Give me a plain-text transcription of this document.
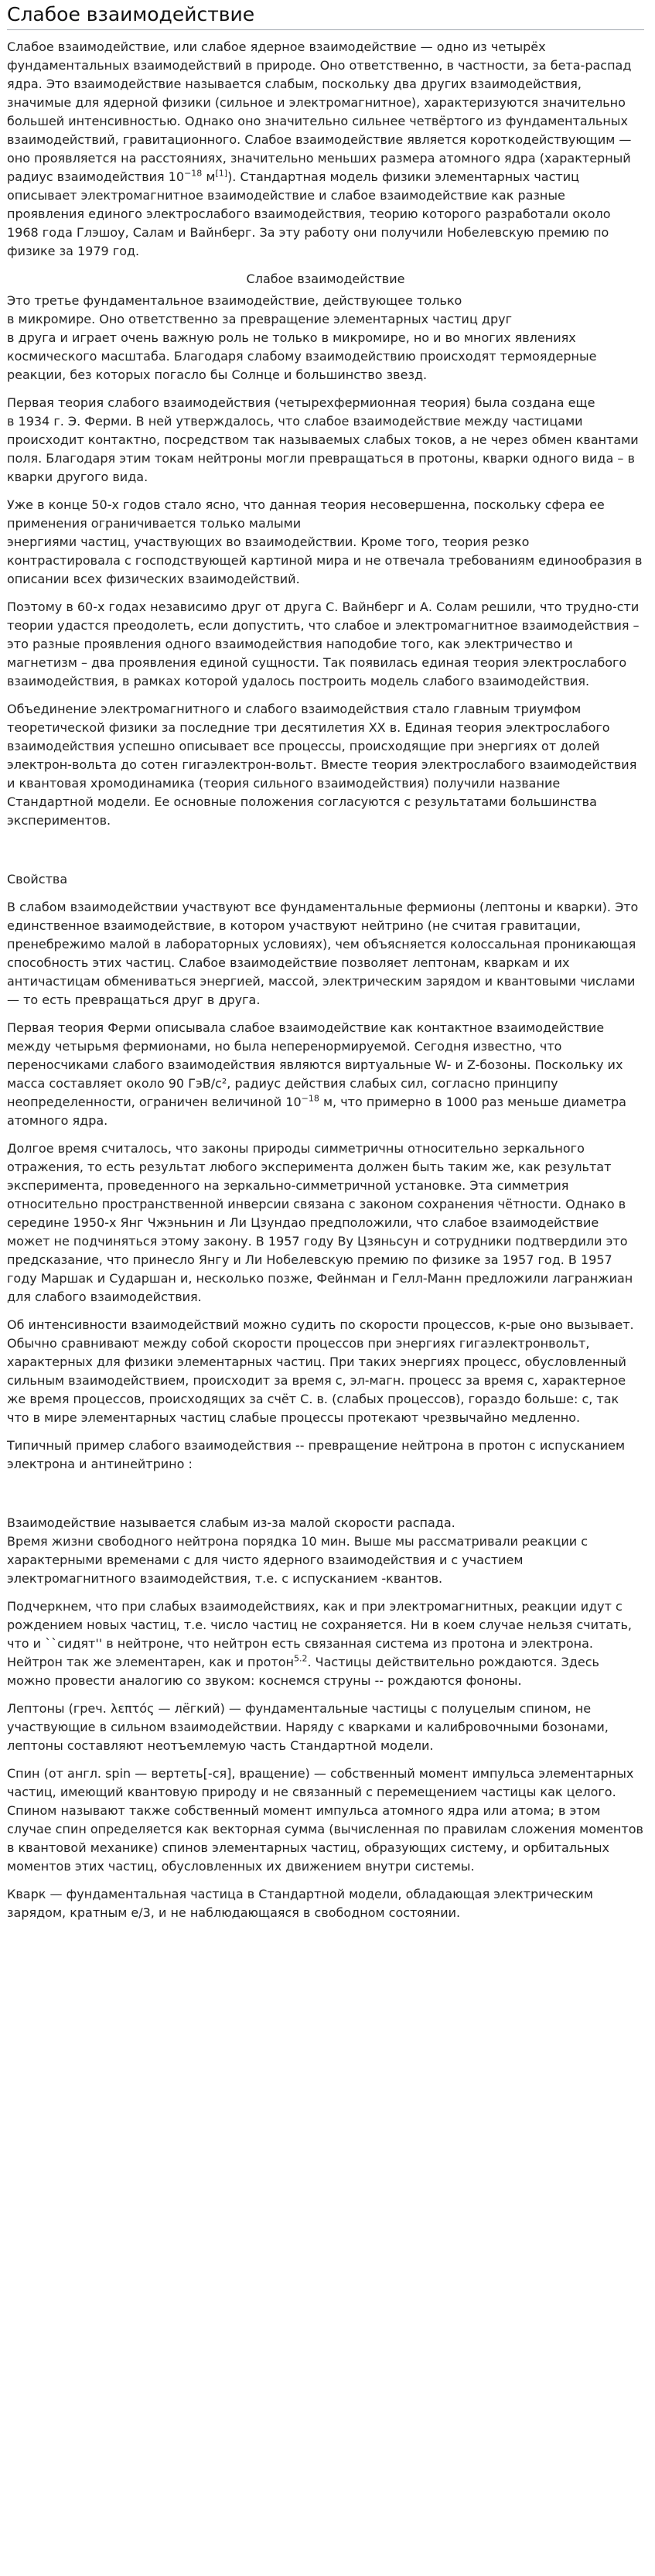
Слабое взаимодействие

Слабое взаимодействие, или слабое ядерное взаимодействие — одно из четырёх фундаментальных взаимодействий в природе. Оно ответственно, в частности, за бета-распад ядра. Это взаимодействие называется слабым, поскольку два других взаимодействия, значимые для ядерной физики (сильное и электромагнитное), характеризуются значительно большей интенсивностью. Однако оно значительно сильнее четвёртого из фундаментальных взаимодействий, гравитационного. Слабое взаимодействие является короткодействующим — оно проявляется на расстояниях, значительно меньших размера атомного ядра (характерный радиус взаимодействия $10^{-18}$ м[1]). Стандартная модель физики элементарных частиц описывает электромагнитное взаимодействие и слабое взаимодействие как разные проявления единого электрослабого взаимодействия, теорию которого разработали около 1968 года Глэшоу, Салам и Вайнберг. За эту работу они получили Нобелевскую премию по физике за 1979 год.

Слабое взаимодействие

Это третье фундаментальное взаимодействие, действующее только
в микромире. Оно ответственно за превращение элементарных частиц друг
в друга и играет очень важную роль не только в микромире, но и во многих явлениях космического масштаба. Благодаря слабому взаимодействию происходят термоядерные реакции, без которых погасло бы Солнце и большинство звезд.

Первая теория слабого взаимодействия (четырехфермионная теория) была создана еще
в 1934 г. Э. Ферми. В ней утверждалось, что слабое взаимодействие между частицами происходит контактно, посредством так называемых слабых токов, а не через обмен квантами поля. Благодаря этим токам нейтроны могли превращаться в протоны, кварки одного вида – в кварки другого вида.

Уже в конце 50-х годов стало ясно, что данная теория несовершенна, поскольку сфера ее применения ограничивается только малыми
энергиями частиц, участвующих во взаимодействии. Кроме того, теория резко контрастировала с господствующей картиной мира и не отвечала требованиям единообразия в описании всех физических взаимодействий.

Поэтому в 60-х годах независимо друг от друга С. Вайнберг и А. Солам решили, что трудно-сти теории удастся преодолеть, если допустить, что слабое и электромагнитное взаимодействия – это разные проявления одного взаимодействия наподобие того, как электричество и магнетизм – два проявления единой сущности. Так появилась единая теория электрослабого взаимодействия, в рамках которой удалось построить модель слабого взаимодействия.

Объединение электромагнитного и слабого взаимодействия стало главным триумфом теоретической физики за последние три десятилетия XX в. Единая теория электрослабого взаимодействия успешно описывает все процессы, происходящие при энергиях от долей электрон-вольта до сотен гигаэлектрон-вольт. Вместе теория электрослабого взаимодействия и квантовая хромодинамика (теория сильного взаимодействия) получили название Стандартной модели. Ее основные положения согласуются с результатами большинства экспериментов.

Свойства

В слабом взаимодействии участвуют все фундаментальные фермионы (лептоны и кварки). Это единственное взаимодействие, в котором участвуют нейтрино (не считая гравитации, пренебрежимо малой в лабораторных условиях), чем объясняется колоссальная проникающая способность этих частиц. Слабое взаимодействие позволяет лептонам, кваркам и их античастицам обмениваться энергией, массой, электрическим зарядом и квантовыми числами — то есть превращаться друг в друга.

Первая теория Ферми описывала слабое взаимодействие как контактное взаимодействие между четырьмя фермионами, но была неперенормируемой. Сегодня известно, что переносчиками слабого взаимодействия являются виртуальные W- и Z-бозоны. Поскольку их масса составляет около 90 ГэВ/c², радиус действия слабых сил, согласно принципу неопределенности, ограничен величиной $10^{-18}$ м, что примерно в 1000 раз меньше диаметра атомного ядра.

Долгое время считалось, что законы природы симметричны относительно зеркального отражения, то есть результат любого эксперимента должен быть таким же, как результат эксперимента, проведенного на зеркально-симметричной установке. Эта симметрия относительно пространственной инверсии связана с законом сохранения чётности. Однако в середине 1950-х Янг Чжэньнин и Ли Цзундао предположили, что слабое взаимодействие может не подчиняться этому закону. В 1957 году By Цзяньсун и сотрудники подтвердили это предсказание, что принесло Янгу и Ли Нобелевскую премию по физике за 1957 год. В 1957 году Маршак и Сударшан и, несколько позже, Фейнман и Гелл-Манн предложили лагранжиан для слабого взаимодействия.

Об интенсивности взаимодействий можно судить по скорости процессов, к-рые оно вызывает. Обычно сравнивают между собой скорости процессов при энергиях гигаэлектронвольт, характерных для физики элементарных частиц. При таких энергиях процесс, обусловленный сильным взаимодействием, происходит за время с, эл-магн. процесс за время с, характерное же время процессов, происходящих за счёт С. в. (слабых процессов), гораздо больше: с, так что в мире элементарных частиц слабые процессы протекают чрезвычайно медленно.

Типичный пример слабого взаимодействия -- превращение нейтрона в протон с испусканием электрона и антинейтрино :

Взаимодействие называется слабым из-за малой скорости распада.
Время жизни свободного нейтрона порядка 10 мин. Выше мы рассматривали реакции с характерными временами с для чисто ядерного взаимодействия и с участием электромагнитного взаимодействия, т.е. с испусканием -квантов.

Подчеркнем, что при слабых взаимодействиях, как и при электромагнитных, реакции идут с рождением новых частиц, т.е. число частиц не сохраняется. Ни в коем случае нельзя считать, что и ``сидят'' в нейтроне, что нейтрон есть связанная система из протона и электрона. Нейтрон так же элементарен, как и протон$^{5.2}$. Частицы действительно рождаются. Здесь можно провести аналогию со звуком: коснемся струны -- рождаются фононы.

Лептоны (греч. λεπτός — лёгкий) — фундаментальные частицы с полуцелым спином, не участвующие в сильном взаимодействии. Наряду с кварками и калибровочными бозонами, лептоны составляют неотъемлемую часть Стандартной модели.

Спин (от англ. spin — вертеть[-ся], вращение) — собственный момент импульса элементарных частиц, имеющий квантовую природу и не связанный с перемещением частицы как целого. Спином называют также собственный момент импульса атомного ядра или атома; в этом случае спин определяется как векторная сумма (вычисленная по правилам сложения моментов в квантовой механике) спинов элементарных частиц, образующих систему, и орбитальных моментов этих частиц, обусловленных их движением внутри системы.

Кварк — фундаментальная частица в Стандартной модели, обладающая электрическим зарядом, кратным e/3, и не наблюдающаяся в свободном состоянии.
